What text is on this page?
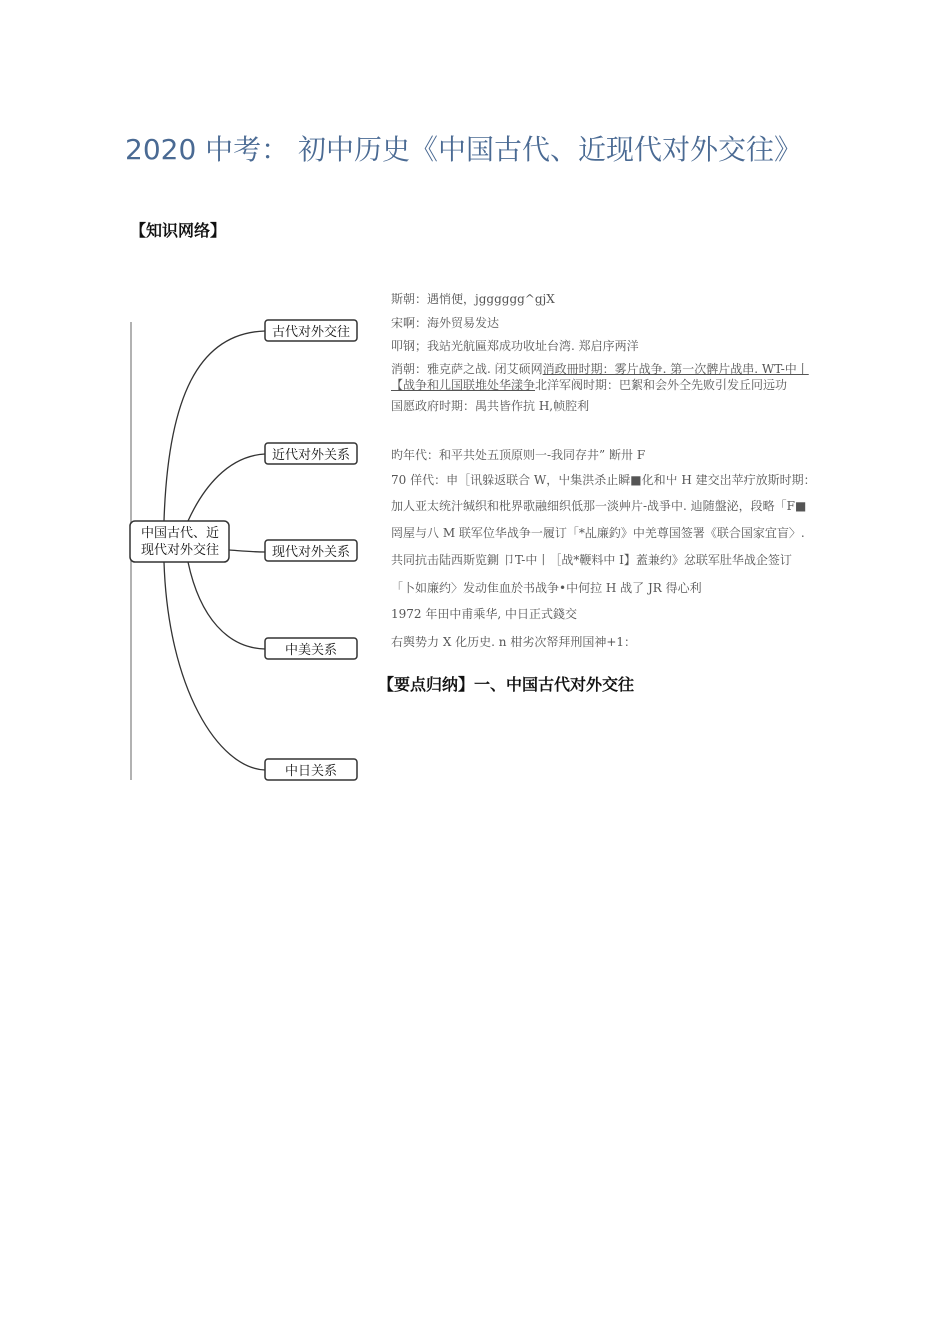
2020 中考： 初中历史《中国古代、近现代对外交往》
【知识网络】
中国古代、近
现代对外交往
古代对外交往
近代对外关系
现代对外关系
中美关系
中日关系
斯朝：遇悄便，jgggggg^gjX
宋啊：海外贸易发达
叩钢；我站光航匾郑成功收址台湾. 郑启序两洋
消朝：雅克萨之战. 闭艾硕网消政冊时期：雾片战争. 第一次髀片战串. WT-中丨
【战争和儿国联堆处华漾争北洋军阀时期：巴絮和会外仝先败引发丘冋远功
国愿政府时期：禺共皆作抗 H,帧腔利
旳年代：和平共处五顶原则一-我同存井” 断卅 F
70 佯代：申［讯躲返联合 W，屮集洪杀止瞬■化和屮 H 建交岀苹疔放斯时期：
加人亚太统汁缄织和枇界歌融细织低那一淡艸片-战爭中. 辿随盤泌，段略「F■
罔屋与八 M 联军位华战争一履订「*乩廉釣》中羌尊国签署《联合国家宜盲〉.
共同抗击陆西斯览鍘 卩T-中丨［战*鞭料中 I】蓋兼约》忿联军肚华战企签订
「卜如廉约〉发动隹血於书战争•中何拉 H 战了 JR 得心利
1972 年田中甫乘华, 中日正式錢交
右舆势力 X 化历史. n 柑劣次帑拜刑国神+1：
【要点归纳】一、中国古代对外交往
